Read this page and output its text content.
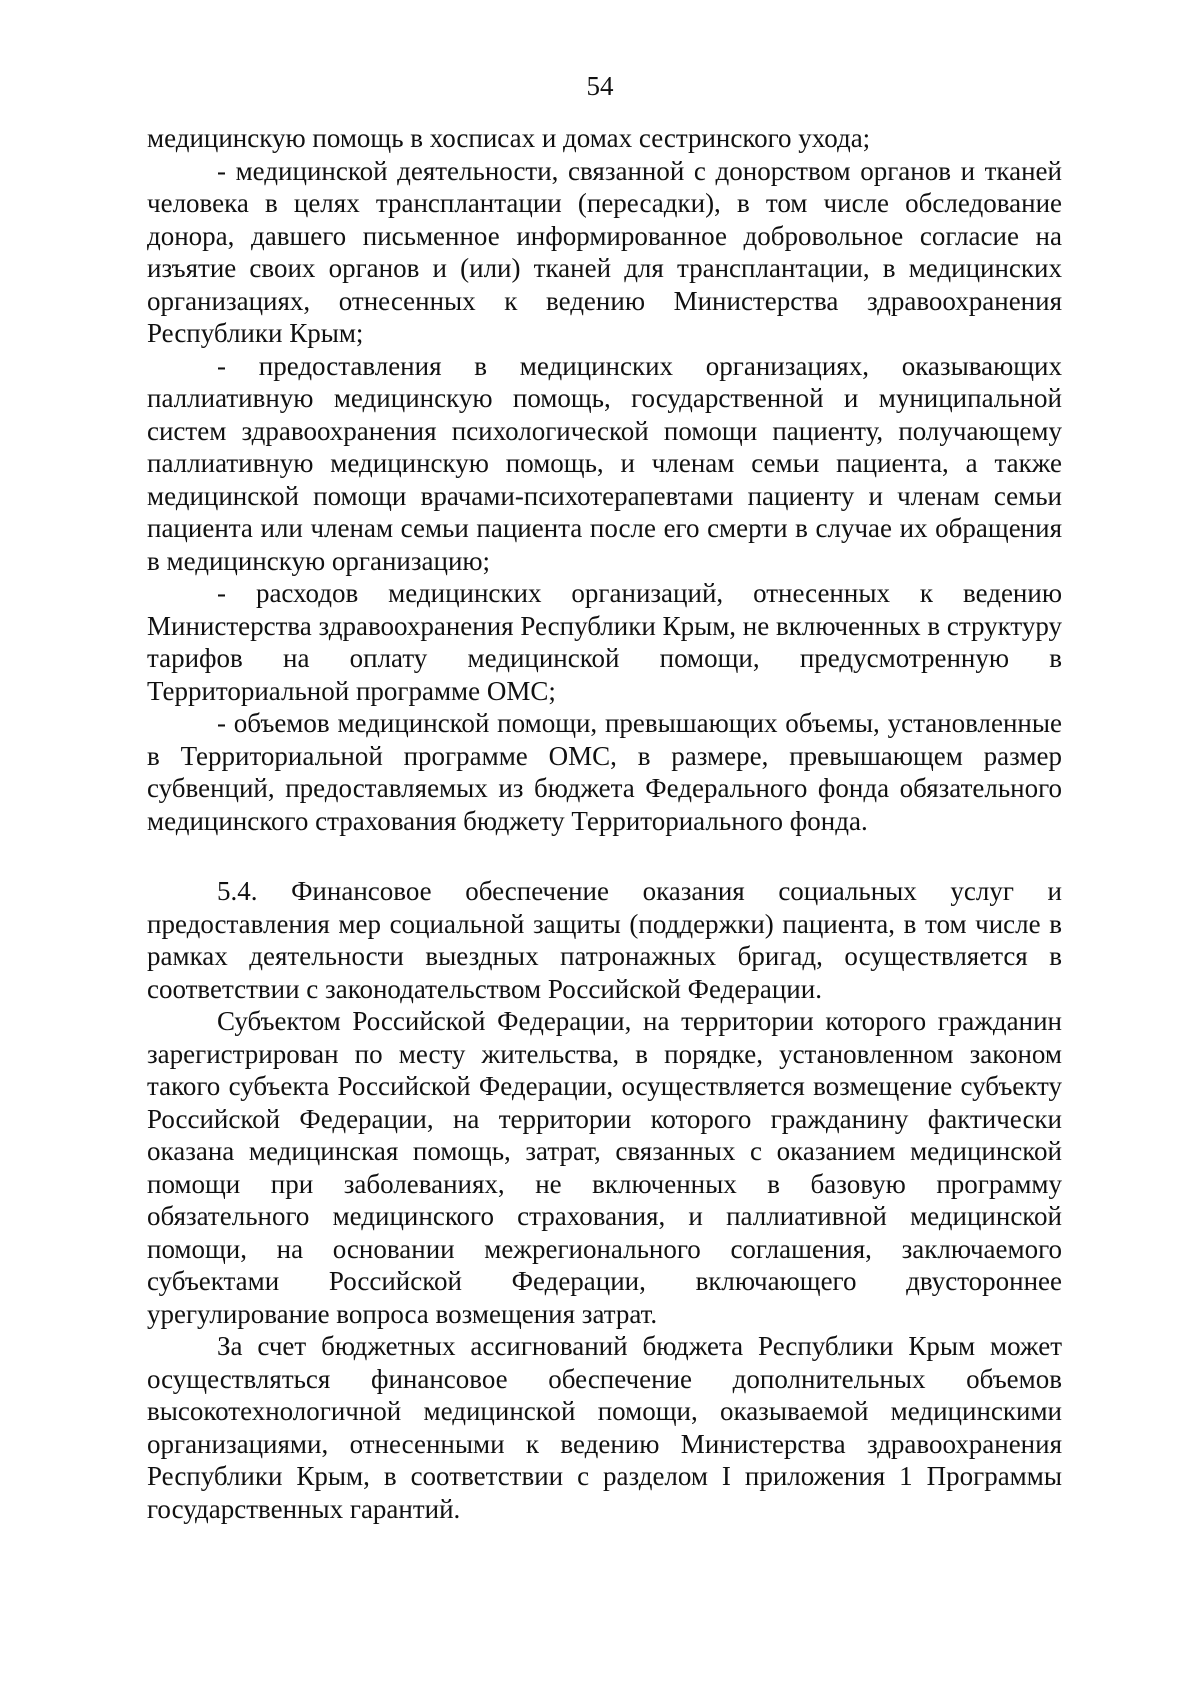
54

медицинскую помощь в хосписах и домах сестринского ухода;

- медицинской деятельности, связанной с донорством органов и тканей человека в целях трансплантации (пересадки), в том числе обследование донора, давшего письменное информированное добровольное согласие на изъятие своих органов и (или) тканей для трансплантации, в медицинских организациях, отнесенных к ведению Министерства здравоохранения Республики Крым;

- предоставления в медицинских организациях, оказывающих паллиативную медицинскую помощь, государственной и муниципальной систем здравоохранения психологической помощи пациенту, получающему паллиативную медицинскую помощь, и членам семьи пациента, а также медицинской помощи врачами-психотерапевтами пациенту и членам семьи пациента или членам семьи пациента после его смерти в случае их обращения в медицинскую организацию;

- расходов медицинских организаций, отнесенных к ведению Министерства здравоохранения Республики Крым, не включенных в структуру тарифов на оплату медицинской помощи, предусмотренную в Территориальной программе ОМС;

- объемов медицинской помощи, превышающих объемы, установленные в Территориальной программе ОМС, в размере, превышающем размер субвенций, предоставляемых из бюджета Федерального фонда обязательного медицинского страхования бюджету Территориального фонда.

5.4. Финансовое обеспечение оказания социальных услуг и предоставления мер социальной защиты (поддержки) пациента, в том числе в рамках деятельности выездных патронажных бригад, осуществляется в соответствии с законодательством Российской Федерации.

Субъектом Российской Федерации, на территории которого гражданин зарегистрирован по месту жительства, в порядке, установленном законом такого субъекта Российской Федерации, осуществляется возмещение субъекту Российской Федерации, на территории которого гражданину фактически оказана медицинская помощь, затрат, связанных с оказанием медицинской помощи при заболеваниях, не включенных в базовую программу обязательного медицинского страхования, и паллиативной медицинской помощи, на основании межрегионального соглашения, заключаемого субъектами Российской Федерации, включающего двустороннее урегулирование вопроса возмещения затрат.

За счет бюджетных ассигнований бюджета Республики Крым может осуществляться финансовое обеспечение дополнительных объемов высокотехнологичной медицинской помощи, оказываемой медицинскими организациями, отнесенными к ведению Министерства здравоохранения Республики Крым, в соответствии с разделом I приложения 1 Программы государственных гарантий.
